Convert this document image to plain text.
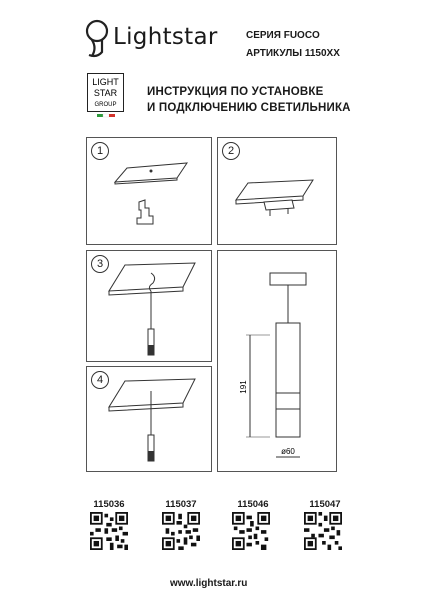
Lightstar	СЕРИЯ FUOCO
АРТИКУЛЫ 1150XX
LIGHT
STAR
GROUP
ИНСТРУКЦИЯ ПО УСТАНОВКЕ
И ПОДКЛЮЧЕНИЮ СВЕТИЛЬНИКА
1	2
3
191
ø60
4
115036	115037	115046	115047
www.lightstar.ru
